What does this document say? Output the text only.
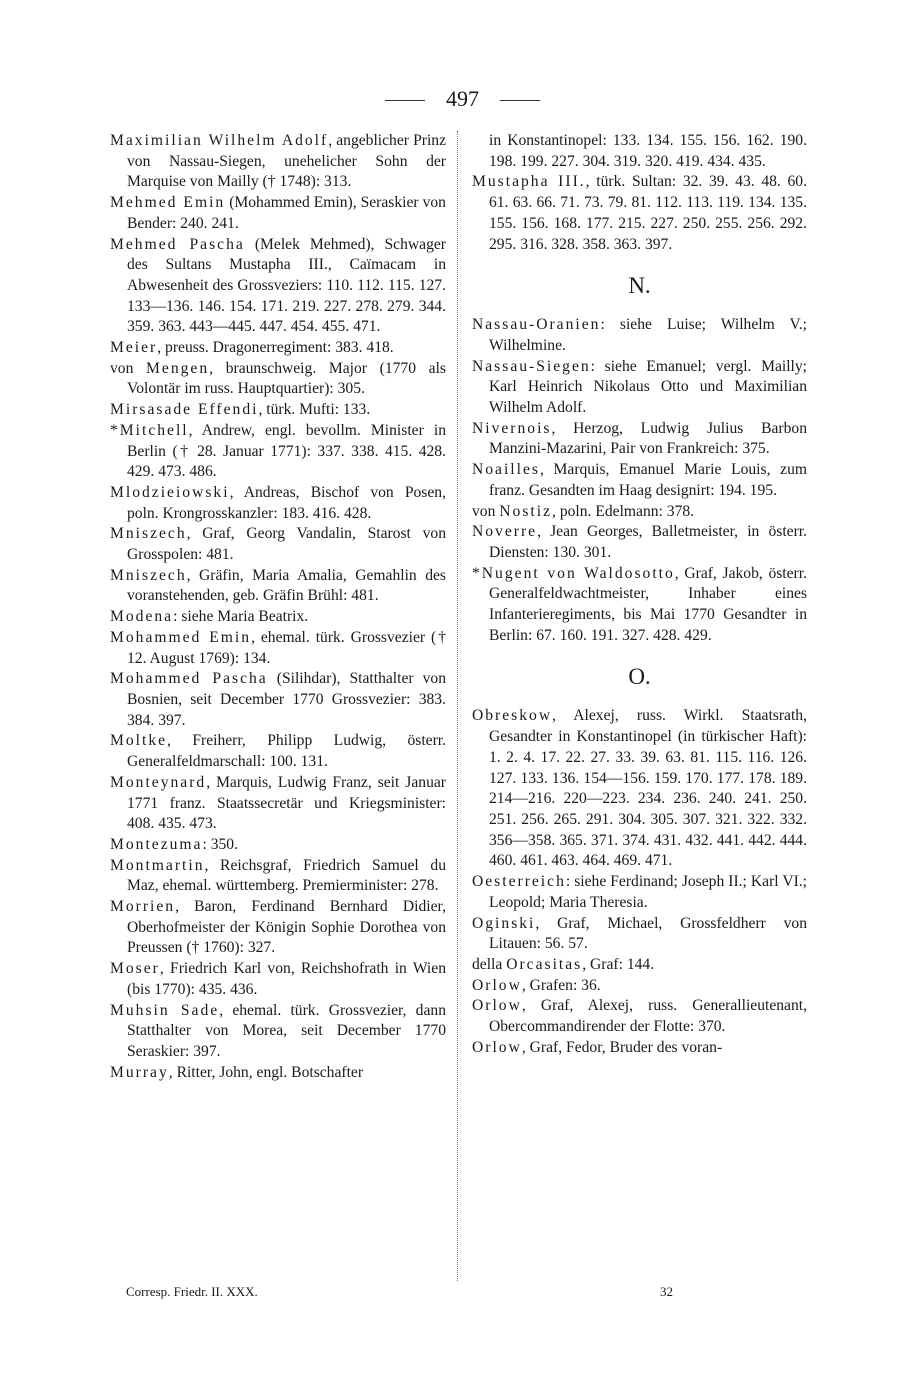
497
Maximilian Wilhelm Adolf, angeblicher Prinz von Nassau-Siegen, unehelicher Sohn der Marquise von Mailly († 1748): 313.
Mehmed Emin (Mohammed Emin), Seraskier von Bender: 240. 241.
Mehmed Pascha (Melek Mehmed), Schwager des Sultans Mustapha III., Caïmacam in Abwesenheit des Grossveziers: 110. 112. 115. 127. 133—136. 146. 154. 171. 219. 227. 278. 279. 344. 359. 363. 443—445. 447. 454. 455. 471.
Meier, preuss. Dragonerregiment: 383. 418.
von Mengen, braunschweig. Major (1770 als Volontär im russ. Hauptquartier): 305.
Mirsasade Effendi, türk. Mufti: 133.
*Mitchell, Andrew, engl. bevollm. Minister in Berlin († 28. Januar 1771): 337. 338. 415. 428. 429. 473. 486.
Mlodzieiowski, Andreas, Bischof von Posen, poln. Krongrosskanzler: 183. 416. 428.
Mniszech, Graf, Georg Vandalin, Starost von Grosspolen: 481.
Mniszech, Gräfin, Maria Amalia, Gemahlin des voranstehenden, geb. Gräfin Brühl: 481.
Modena: siehe Maria Beatrix.
Mohammed Emin, ehemal. türk. Grossvezier († 12. August 1769): 134.
Mohammed Pascha (Silihdar), Statthalter von Bosnien, seit December 1770 Grossvezier: 383. 384. 397.
Moltke, Freiherr, Philipp Ludwig, österr. Generalfeldmarschall: 100. 131.
Monteynard, Marquis, Ludwig Franz, seit Januar 1771 franz. Staatssecretär und Kriegsminister: 408. 435. 473.
Montezuma: 350.
Montmartin, Reichsgraf, Friedrich Samuel du Maz, ehemal. württemberg. Premierminister: 278.
Morrien, Baron, Ferdinand Bernhard Didier, Oberhofmeister der Königin Sophie Dorothea von Preussen († 1760): 327.
Moser, Friedrich Karl von, Reichshofrath in Wien (bis 1770): 435. 436.
Muhsin Sade, ehemal. türk. Grossvezier, dann Statthalter von Morea, seit December 1770 Seraskier: 397.
Murray, Ritter, John, engl. Botschafter
in Konstantinopel: 133. 134. 155. 156. 162. 190. 198. 199. 227. 304. 319. 320. 419. 434. 435.
Mustapha III., türk. Sultan: 32. 39. 43. 48. 60. 61. 63. 66. 71. 73. 79. 81. 112. 113. 119. 134. 135. 155. 156. 168. 177. 215. 227. 250. 255. 256. 292. 295. 316. 328. 358. 363. 397.
N.
Nassau-Oranien: siehe Luise; Wilhelm V.; Wilhelmine.
Nassau-Siegen: siehe Emanuel; vergl. Mailly; Karl Heinrich Nikolaus Otto und Maximilian Wilhelm Adolf.
Nivernois, Herzog, Ludwig Julius Barbon Manzini-Mazarini, Pair von Frankreich: 375.
Noailles, Marquis, Emanuel Marie Louis, zum franz. Gesandten im Haag designirt: 194. 195.
von Nostiz, poln. Edelmann: 378.
Noverre, Jean Georges, Balletmeister, in österr. Diensten: 130. 301.
*Nugent von Waldosotto, Graf, Jakob, österr. Generalfeldwachtmeister, Inhaber eines Infanterieregiments, bis Mai 1770 Gesandter in Berlin: 67. 160. 191. 327. 428. 429.
O.
Obreskow, Alexej, russ. Wirkl. Staatsrath, Gesandter in Konstantinopel (in türkischer Haft): 1. 2. 4. 17. 22. 27. 33. 39. 63. 81. 115. 116. 126. 127. 133. 136. 154—156. 159. 170. 177. 178. 189. 214—216. 220—223. 234. 236. 240. 241. 250. 251. 256. 265. 291. 304. 305. 307. 321. 322. 332. 356—358. 365. 371. 374. 431. 432. 441. 442. 444. 460. 461. 463. 464. 469. 471.
Oesterreich: siehe Ferdinand; Joseph II.; Karl VI.; Leopold; Maria Theresia.
Oginski, Graf, Michael, Grossfeldherr von Litauen: 56. 57.
della Orcasitas, Graf: 144.
Orlow, Grafen: 36.
Orlow, Graf, Alexej, russ. Generallieutenant, Obercommandirender der Flotte: 370.
Orlow, Graf, Fedor, Bruder des voran-
Corresp. Friedr. II. XXX.	32
